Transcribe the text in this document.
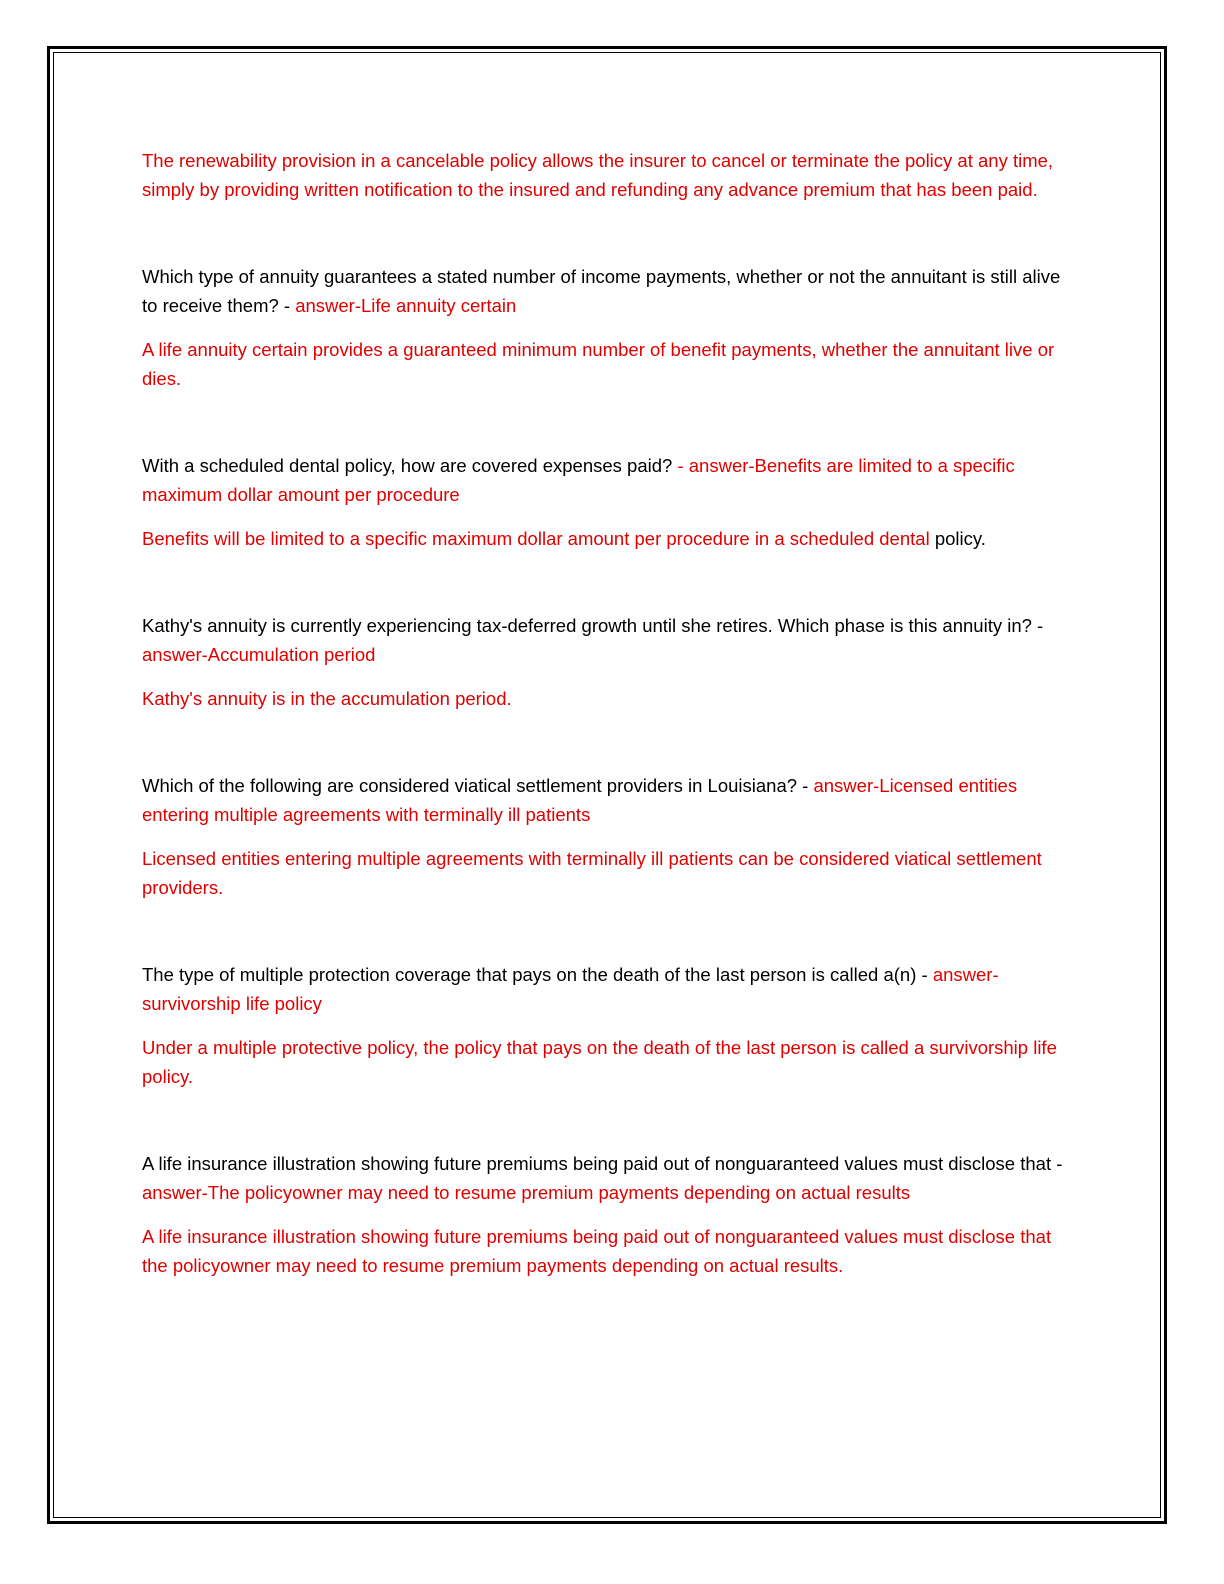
The renewability provision in a cancelable policy allows the insurer to cancel or terminate the policy at any time, simply by providing written notification to the insured and refunding any advance premium that has been paid.

Which type of annuity guarantees a stated number of income payments, whether or not the annuitant is still alive to receive them? - answer-Life annuity certain

A life annuity certain provides a guaranteed minimum number of benefit payments, whether the annuitant live or dies.

With a scheduled dental policy, how are covered expenses paid? - answer-Benefits are limited to a specific maximum dollar amount per procedure

Benefits will be limited to a specific maximum dollar amount per procedure in a scheduled dental policy.

Kathy's annuity is currently experiencing tax-deferred growth until she retires. Which phase is this annuity in? - answer-Accumulation period

Kathy's annuity is in the accumulation period.

Which of the following are considered viatical settlement providers in Louisiana? - answer-Licensed entities entering multiple agreements with terminally ill patients

Licensed entities entering multiple agreements with terminally ill patients can be considered viatical settlement providers.

The type of multiple protection coverage that pays on the death of the last person is called a(n) - answer-survivorship life policy

Under a multiple protective policy, the policy that pays on the death of the last person is called a survivorship life policy.

A life insurance illustration showing future premiums being paid out of nonguaranteed values must disclose that - answer-The policyowner may need to resume premium payments depending on actual results

A life insurance illustration showing future premiums being paid out of nonguaranteed values must disclose that the policyowner may need to resume premium payments depending on actual results.
